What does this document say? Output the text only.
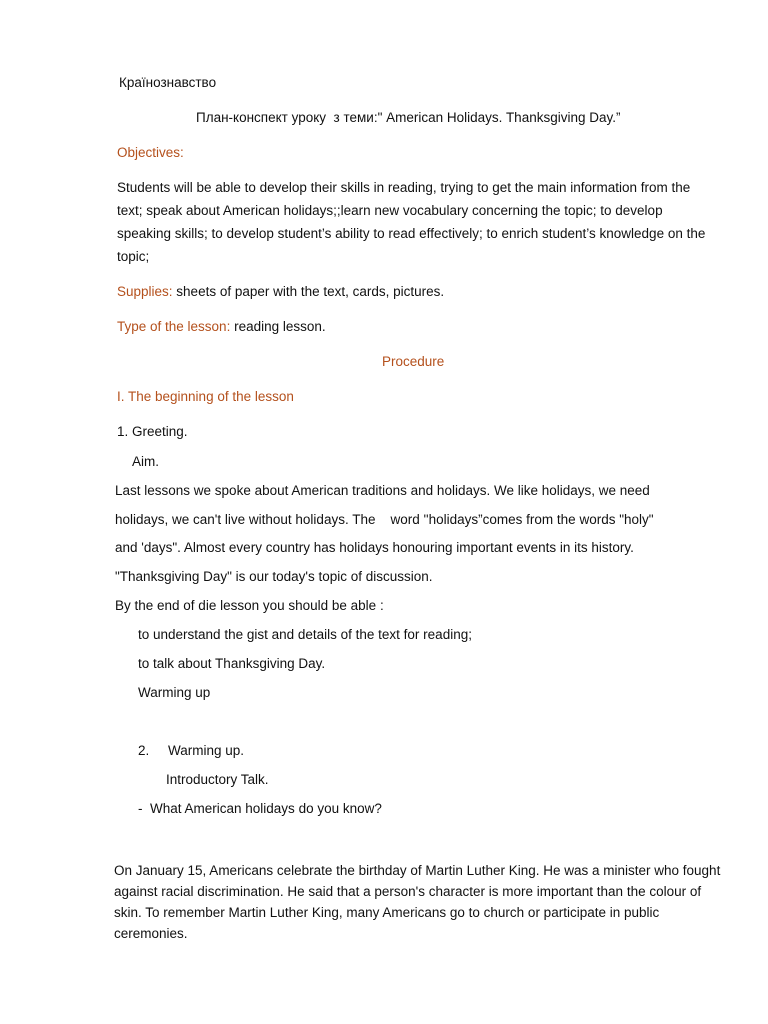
Країнознавство
План-конспект уроку  з теми:" American Holidays. Thanksgiving Day.”
Objectives:
Students will be able to develop their skills in reading, trying to get the main information from the text; speak about American holidays;;learn new vocabulary concerning the topic; to develop speaking skills; to develop student’s ability to read effectively; to enrich student’s knowledge on the topic;
Supplies: sheets of paper with the text, cards, pictures.
Type of the lesson: reading lesson.
Procedure
I. The beginning of the lesson
1. Greeting.
Aim.
Last lessons we spoke about American traditions and holidays. We like holidays, we need
holidays, we can't live without holidays. The    word ''holidays”comes from the words "holy"
and 'days". Almost every country has holidays honouring important events in its history.
"Thanksgiving Day" is our today's topic of discussion.
By the end of die lesson you should be able :
to understand the gist and details of the text for reading;
to talk about Thanksgiving Day.
Warming up
2.     Warming up.
Introductory Talk.
-  What American holidays do you know?
On January 15, Americans celebrate the birthday of Martin Luther King. He was a minister who fought against racial discrimination. He said that a person's character is more important than the colour of skin. To remember Martin Luther King, many Americans go to church or participate in public ceremonies.
